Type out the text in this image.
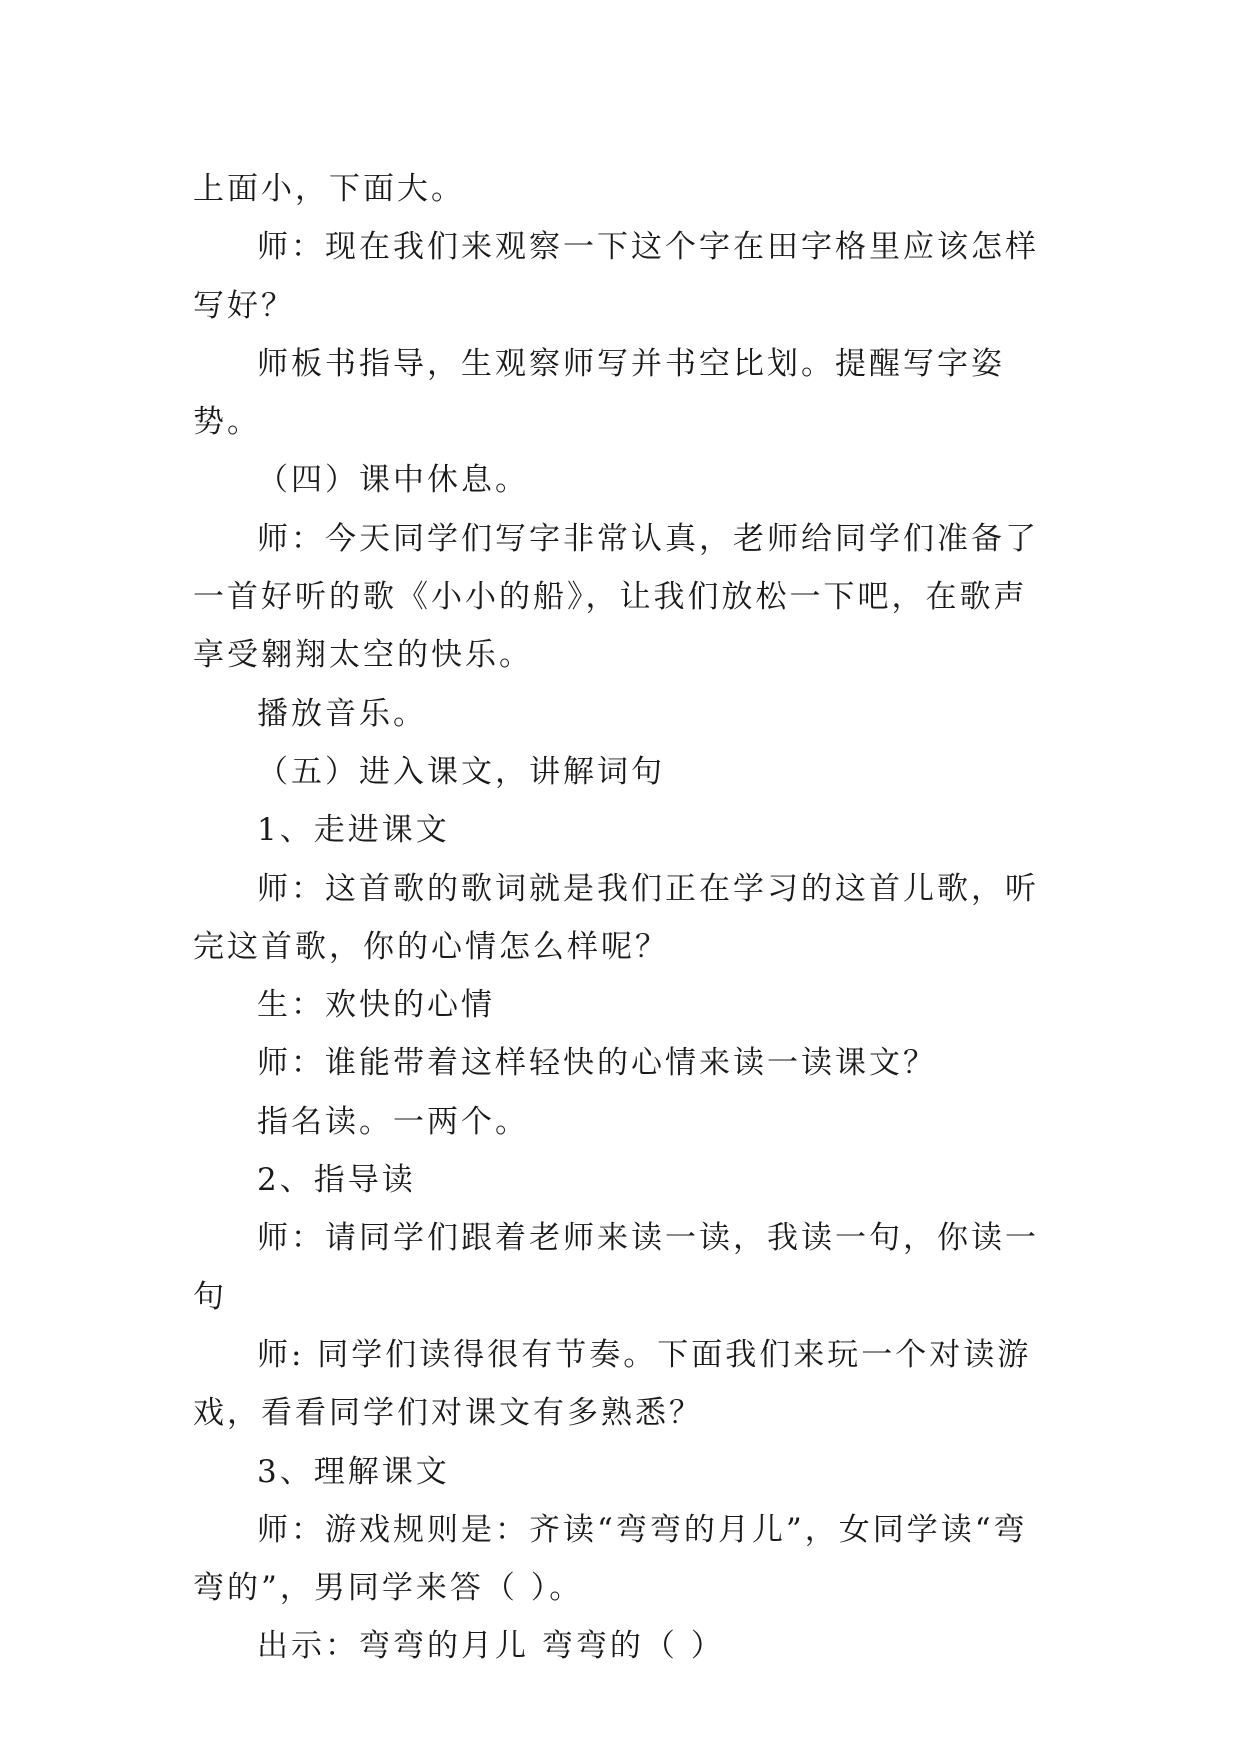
上面小，下面大。

师：现在我们来观察一下这个字在田字格里应该怎样写好？

师板书指导，生观察师写并书空比划。提醒写字姿势。

（四）课中休息。

师：今天同学们写字非常认真，老师给同学们准备了一首好听的歌《小小的船》，让我们放松一下吧，在歌声享受翱翔太空的快乐。

播放音乐。

（五）进入课文，讲解词句

1、走进课文

师：这首歌的歌词就是我们正在学习的这首儿歌，听完这首歌，你的心情怎么样呢？

生：欢快的心情

师：谁能带着这样轻快的心情来读一读课文？

指名读。一两个。

2、指导读

师：请同学们跟着老师来读一读，我读一句，你读一句

师: 同学们读得很有节奏。下面我们来玩一个对读游戏，看看同学们对课文有多熟悉？

3、理解课文

师：游戏规则是：齐读“弯弯的月儿”，女同学读“弯弯的”，男同学来答（ ）。

出示：弯弯的月儿 弯弯的（ ）
